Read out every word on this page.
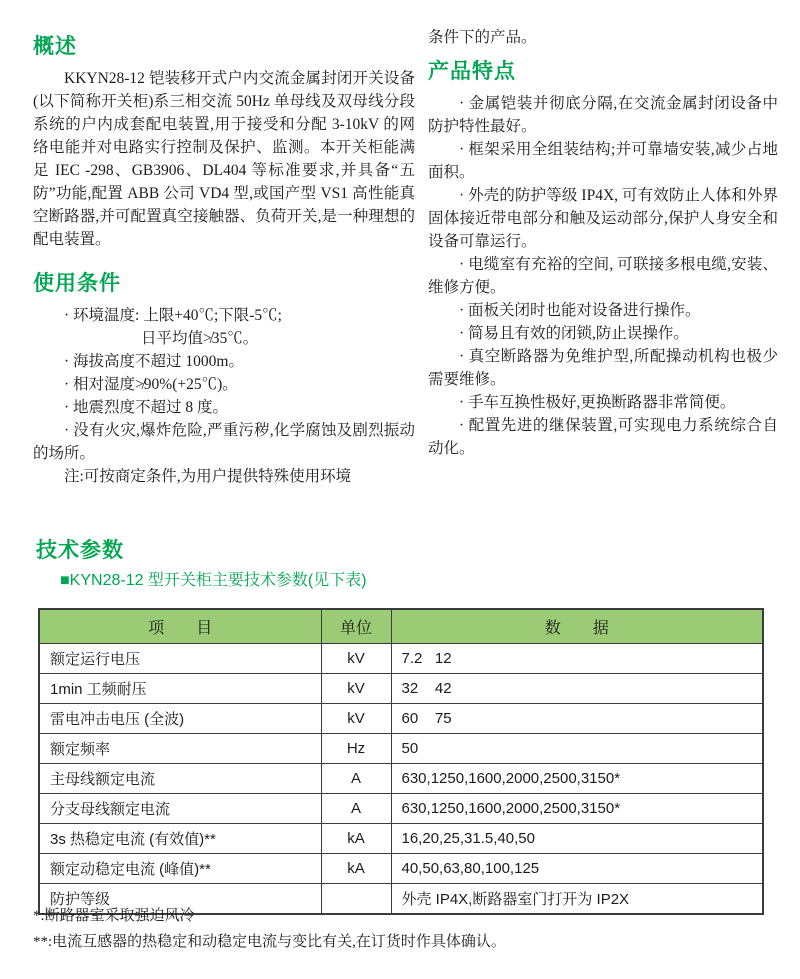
概述

KKYN28-12 铠装移开式户内交流金属封闭开关设备(以下简称开关柜)系三相交流 50Hz 单母线及双母线分段系统的户内成套配电装置,用于接受和分配 3-10kV 的网络电能并对电路实行控制及保护、监测。本开关柜能满足 IEC -298、GB3906、DL404 等标准要求,并具备“五防”功能,配置 ABB 公司 VD4 型,或国产型 VS1 高性能真空断路器,并可配置真空接触器、负荷开关,是一种理想的配电装置。

使用条件

· 环境温度: 上限+40℃;下限-5℃;

日平均值≯35℃。

· 海拔高度不超过 1000m。

· 相对湿度≯90%(+25℃)。

· 地震烈度不超过 8 度。

· 没有火灾,爆炸危险,严重污秽,化学腐蚀及剧烈振动的场所。

注:可按商定条件,为用户提供特殊使用环境

条件下的产品。

产品特点

· 金属铠装并彻底分隔,在交流金属封闭设备中防护特性最好。

· 框架采用全组装结构;并可靠墙安装,减少占地面积。

· 外壳的防护等级 IP4X, 可有效防止人体和外界固体接近带电部分和触及运动部分,保护人身安全和设备可靠运行。

· 电缆室有充裕的空间, 可联接多根电缆,安装、维修方便。

· 面板关闭时也能对设备进行操作。

· 简易且有效的闭锁,防止误操作。

· 真空断路器为免维护型,所配操动机构也极少需要维修。

· 手车互换性极好,更换断路器非常简便。

· 配置先进的继保装置,可实现电力系统综合自动化。

技术参数

■KYN28-12 型开关柜主要技术参数(见下表)

项　　目	单位	数　　据
额定运行电压	kV	7.2   12
1min 工频耐压	kV	32    42
雷电冲击电压 (全波)	kV	60    75
额定频率	Hz	50
主母线额定电流	A	630,1250,1600,2000,2500,3150*
分支母线额定电流	A	630,1250,1600,2000,2500,3150*
3s 热稳定电流 (有效值)**	kA	16,20,25,31.5,40,50
额定动稳定电流 (峰值)**	kA	40,50,63,80,100,125
防护等级		外壳 IP4X,断路器室门打开为 IP2X

*:断路器室采取强迫风冷

**:电流互感器的热稳定和动稳定电流与变比有关,在订货时作具体确认。
